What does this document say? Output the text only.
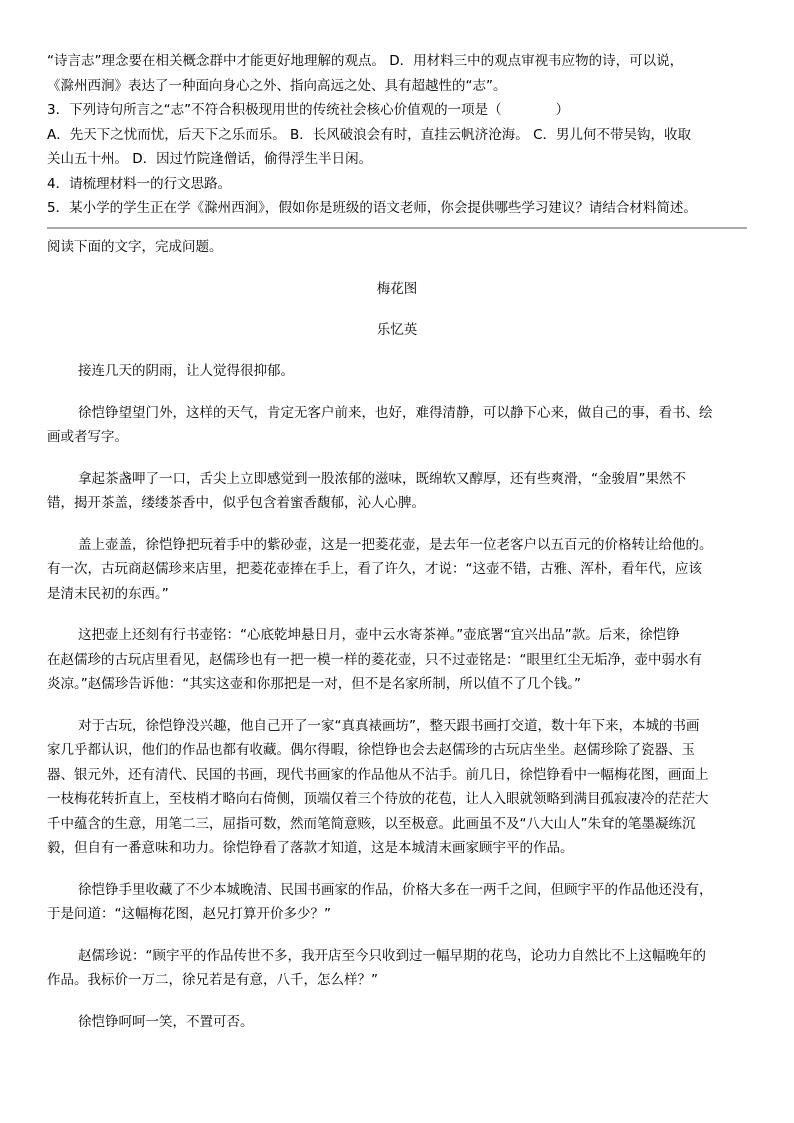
“诗言志”理念要在相关概念群中才能更好地理解的观点。 D．用材料三中的观点审视韦应物的诗，可以说，

《滁州西涧》表达了一种面向身心之外、指向高远之处、具有超越性的“志”。

3．下列诗句所言之“志”不符合积极现用世的传统社会核心价值观的一项是（　　　　）

A．先天下之忧而忧，后天下之乐而乐。 B．长风破浪会有时，直挂云帆济沧海。 C．男儿何不带吴钩，收取

关山五十州。 D．因过竹院逢僧话，偷得浮生半日闲。

4．请梳理材料一的行文思路。

5．某小学的学生正在学《滁州西涧》，假如你是班级的语文老师，你会提供哪些学习建议？请结合材料简述。

阅读下面的文字，完成问题。

梅花图

乐忆英

接连几天的阴雨，让人觉得很抑郁。

徐恺铮望望门外，这样的天气，肯定无客户前来，也好，难得清静，可以静下心来，做自己的事，看书、绘
画或者写字。

拿起茶盏呷了一口，舌尖上立即感觉到一股浓郁的滋味，既绵软又醇厚，还有些爽滑，“金骏眉”果然不
错，揭开茶盖，缕缕茶香中，似乎包含着蜜香馥郁，沁人心脾。

盖上壶盖，徐恺铮把玩着手中的紫砂壶，这是一把菱花壶，是去年一位老客户以五百元的价格转让给他的。
有一次，古玩商赵儒珍来店里，把菱花壶捧在手上，看了许久，才说：“这壶不错，古雅、浑朴，看年代，应该
是清末民初的东西。”

这把壶上还刻有行书壶铭：“心底乾坤悬日月，壶中云水寄茶禅。”壶底署“宜兴出品”款。后来，徐恺铮
在赵儒珍的古玩店里看见，赵儒珍也有一把一模一样的菱花壶，只不过壶铭是：“眼里红尘无垢净，壶中弱水有
炎凉。”赵儒珍告诉他：“其实这壶和你那把是一对，但不是名家所制，所以值不了几个钱。”

对于古玩，徐恺铮没兴趣，他自己开了一家“真真裱画坊”，整天跟书画打交道，数十年下来，本城的书画
家几乎都认识，他们的作品也都有收藏。偶尔得暇，徐恺铮也会去赵儒珍的古玩店坐坐。赵儒珍除了瓷器、玉
器、银元外，还有清代、民国的书画，现代书画家的作品他从不沾手。前几日，徐恺铮看中一幅梅花图，画面上
一枝梅花转折直上，至枝梢才略向右倚侧，顶端仅着三个待放的花苞，让人入眼就领略到满目孤寂凄冷的茫茫大
千中蕴含的生意，用笔二三，屈指可数，然而笔简意赅，以至极意。此画虽不及“八大山人”朱耷的笔墨凝练沉
毅，但自有一番意味和功力。徐恺铮看了落款才知道，这是本城清末画家顾宇平的作品。

徐恺铮手里收藏了不少本城晚清、民国书画家的作品，价格大多在一两千之间，但顾宇平的作品他还没有，
于是问道：“这幅梅花图，赵兄打算开价多少？”

赵儒珍说：“顾宇平的作品传世不多，我开店至今只收到过一幅早期的花鸟，论功力自然比不上这幅晚年的
作品。我标价一万二，徐兄若是有意，八千，怎么样？”

徐恺铮呵呵一笑，不置可否。
